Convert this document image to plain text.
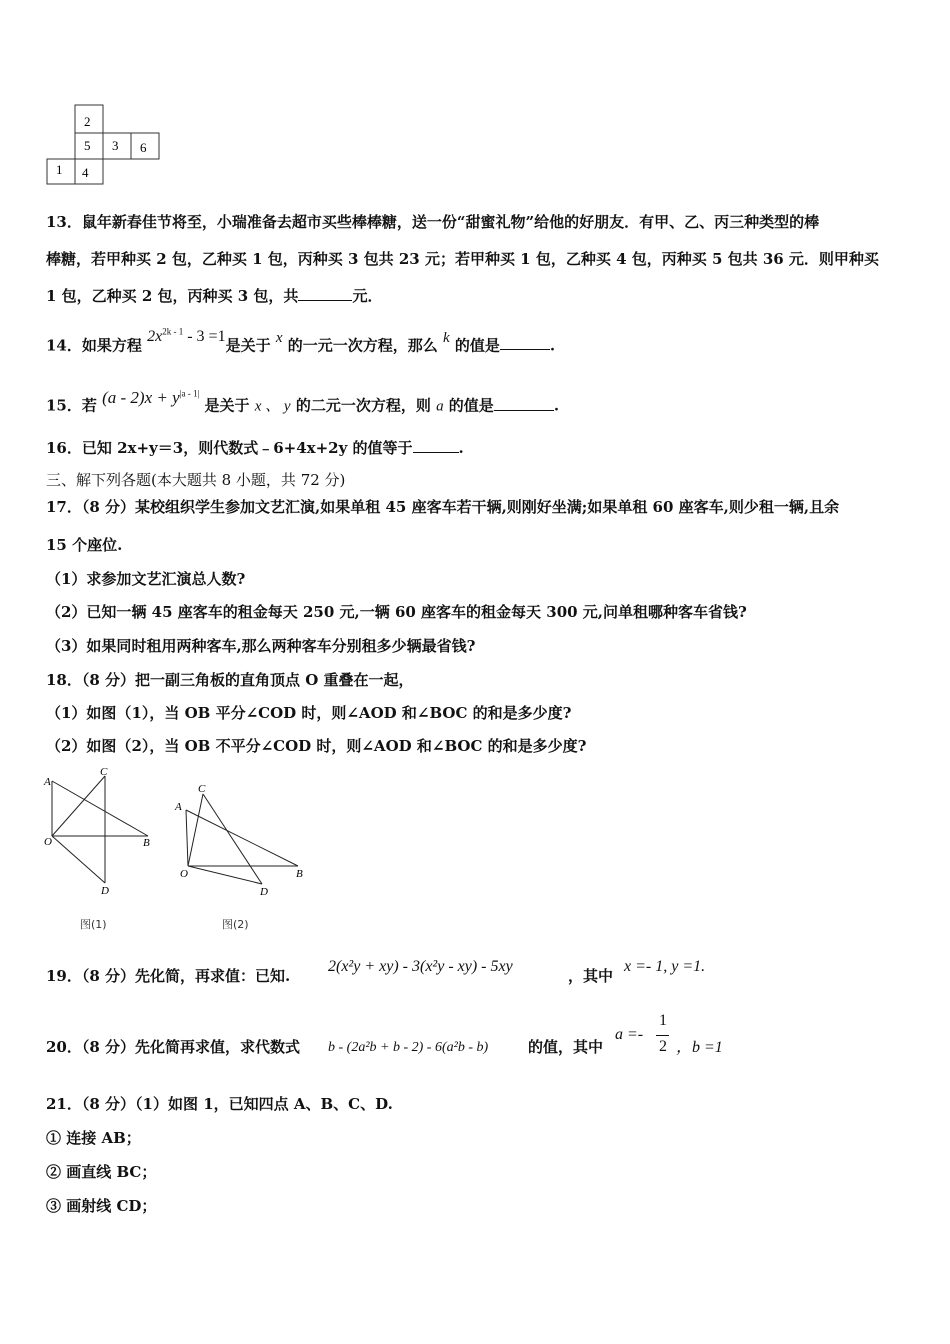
2
5 3 6
1 4
13．鼠年新春佳节将至，小瑞准备去超市买些棒棒糖，送一份“甜蜜礼物”给他的好朋友．有甲、乙、丙三种类型的棒
棒糖，若甲种买 2 包，乙种买 1 包，丙种买 3 包共 23 元；若甲种买 1 包，乙种买 4 包，丙种买 5 包共 36 元．则甲种买
1 包，乙种买 2 包，丙种买 3 包，共	元．
14．如果方程 $2x^{2k - 1} - 3 =1$是关于 x 的一元一次方程，那么 k 的值是	.
15．若 $(a - 2)x + y^{|a - 1|}$ 是关于 x 、 y 的二元一次方程，则 a 的值是	.
16．已知 2x+y＝3，则代数式﹣6+4x+2y 的值等于	.
三、解下列各题(本大题共 8 小题，共 72 分)
17．（8 分）某校组织学生参加文艺汇演,如果单租 45 座客车若干辆,则刚好坐满;如果单租 60 座客车,则少租一辆,且余
15 个座位.
（1）求参加文艺汇演总人数?
（2）已知一辆 45 座客车的租金每天 250 元,一辆 60 座客车的租金每天 300 元,问单租哪种客车省钱?
（3）如果同时租用两种客车,那么两种客车分别租多少辆最省钱?
18．（8 分）把一副三角板的直角顶点 O 重叠在一起，
（1）如图（1），当 OB 平分∠COD 时，则∠AOD 和∠BOC 的和是多少度?
（2）如图（2），当 OB 不平分∠COD 时，则∠AOD 和∠BOC 的和是多少度?
A
C
O	B
D
图(1)
C
A
O	B
D
图(2)
19．（8 分）先化简，再求值：已知.
2(x²y + xy) - 3(x²y - xy) - 5xy
，其中
x =- 1, y =1.
20．（8 分）先化简再求值，求代数式 b - (2a²b + b - 2) - 6(a²b - b)	的值，其中
a =-
1
2 ，b =1
21．（8 分）（1）如图 1，已知四点 A、B、C、D.
① 连接 AB；
② 画直线 BC；
③ 画射线 CD；
